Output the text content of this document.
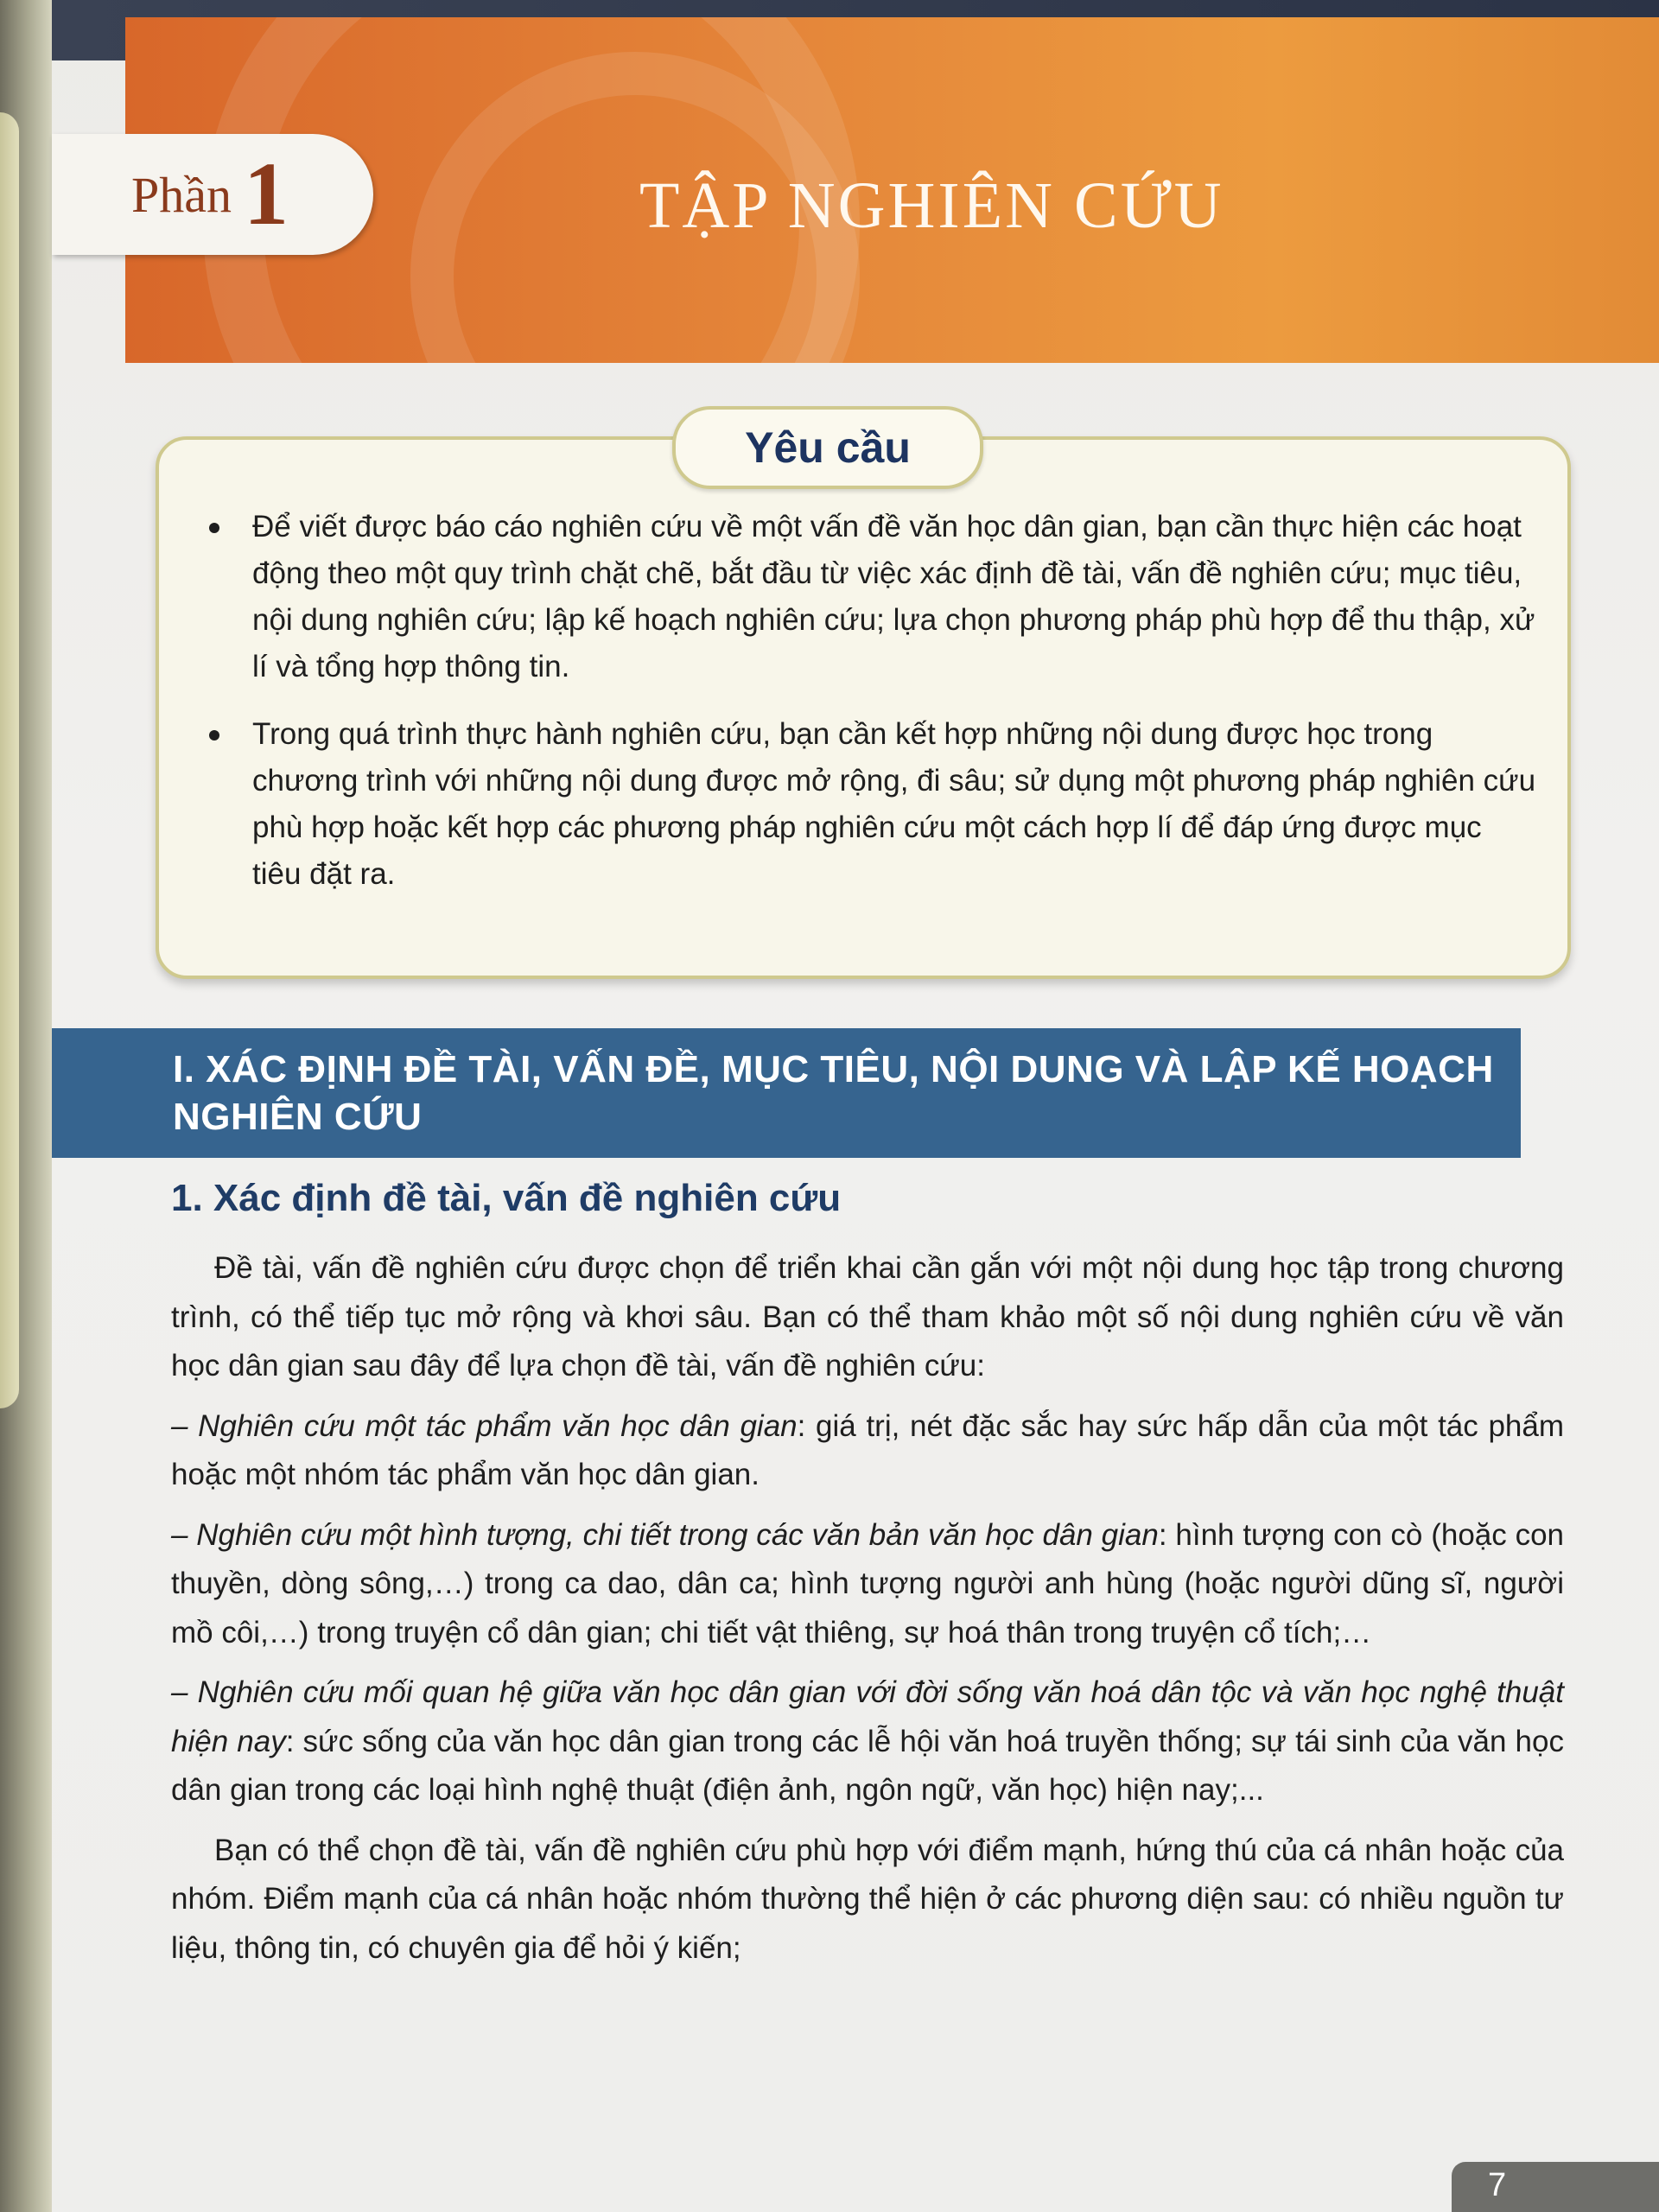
Phần 1	TẬP NGHIÊN CỨU
Yêu cầu
Để viết được báo cáo nghiên cứu về một vấn đề văn học dân gian, bạn cần thực hiện các hoạt động theo một quy trình chặt chẽ, bắt đầu từ việc xác định đề tài, vấn đề nghiên cứu; mục tiêu, nội dung nghiên cứu; lập kế hoạch nghiên cứu; lựa chọn phương pháp phù hợp để thu thập, xử lí và tổng hợp thông tin.
Trong quá trình thực hành nghiên cứu, bạn cần kết hợp những nội dung được học trong chương trình với những nội dung được mở rộng, đi sâu; sử dụng một phương pháp nghiên cứu phù hợp hoặc kết hợp các phương pháp nghiên cứu một cách hợp lí để đáp ứng được mục tiêu đặt ra.
I. XÁC ĐỊNH ĐỀ TÀI, VẤN ĐỀ, MỤC TIÊU, NỘI DUNG VÀ LẬP KẾ HOẠCH NGHIÊN CỨU
1. Xác định đề tài, vấn đề nghiên cứu

Đề tài, vấn đề nghiên cứu được chọn để triển khai cần gắn với một nội dung học tập trong chương trình, có thể tiếp tục mở rộng và khơi sâu. Bạn có thể tham khảo một số nội dung nghiên cứu về văn học dân gian sau đây để lựa chọn đề tài, vấn đề nghiên cứu:

– Nghiên cứu một tác phẩm văn học dân gian: giá trị, nét đặc sắc hay sức hấp dẫn của một tác phẩm hoặc một nhóm tác phẩm văn học dân gian.

– Nghiên cứu một hình tượng, chi tiết trong các văn bản văn học dân gian: hình tượng con cò (hoặc con thuyền, dòng sông,…) trong ca dao, dân ca; hình tượng người anh hùng (hoặc người dũng sĩ, người mồ côi,…) trong truyện cổ dân gian; chi tiết vật thiêng, sự hoá thân trong truyện cổ tích;…

– Nghiên cứu mối quan hệ giữa văn học dân gian với đời sống văn hoá dân tộc và văn học nghệ thuật hiện nay: sức sống của văn học dân gian trong các lễ hội văn hoá truyền thống; sự tái sinh của văn học dân gian trong các loại hình nghệ thuật (điện ảnh, ngôn ngữ, văn học) hiện nay;...

Bạn có thể chọn đề tài, vấn đề nghiên cứu phù hợp với điểm mạnh, hứng thú của cá nhân hoặc của nhóm. Điểm mạnh của cá nhân hoặc nhóm thường thể hiện ở các phương diện sau: có nhiều nguồn tư liệu, thông tin, có chuyên gia để hỏi ý kiến;

7
